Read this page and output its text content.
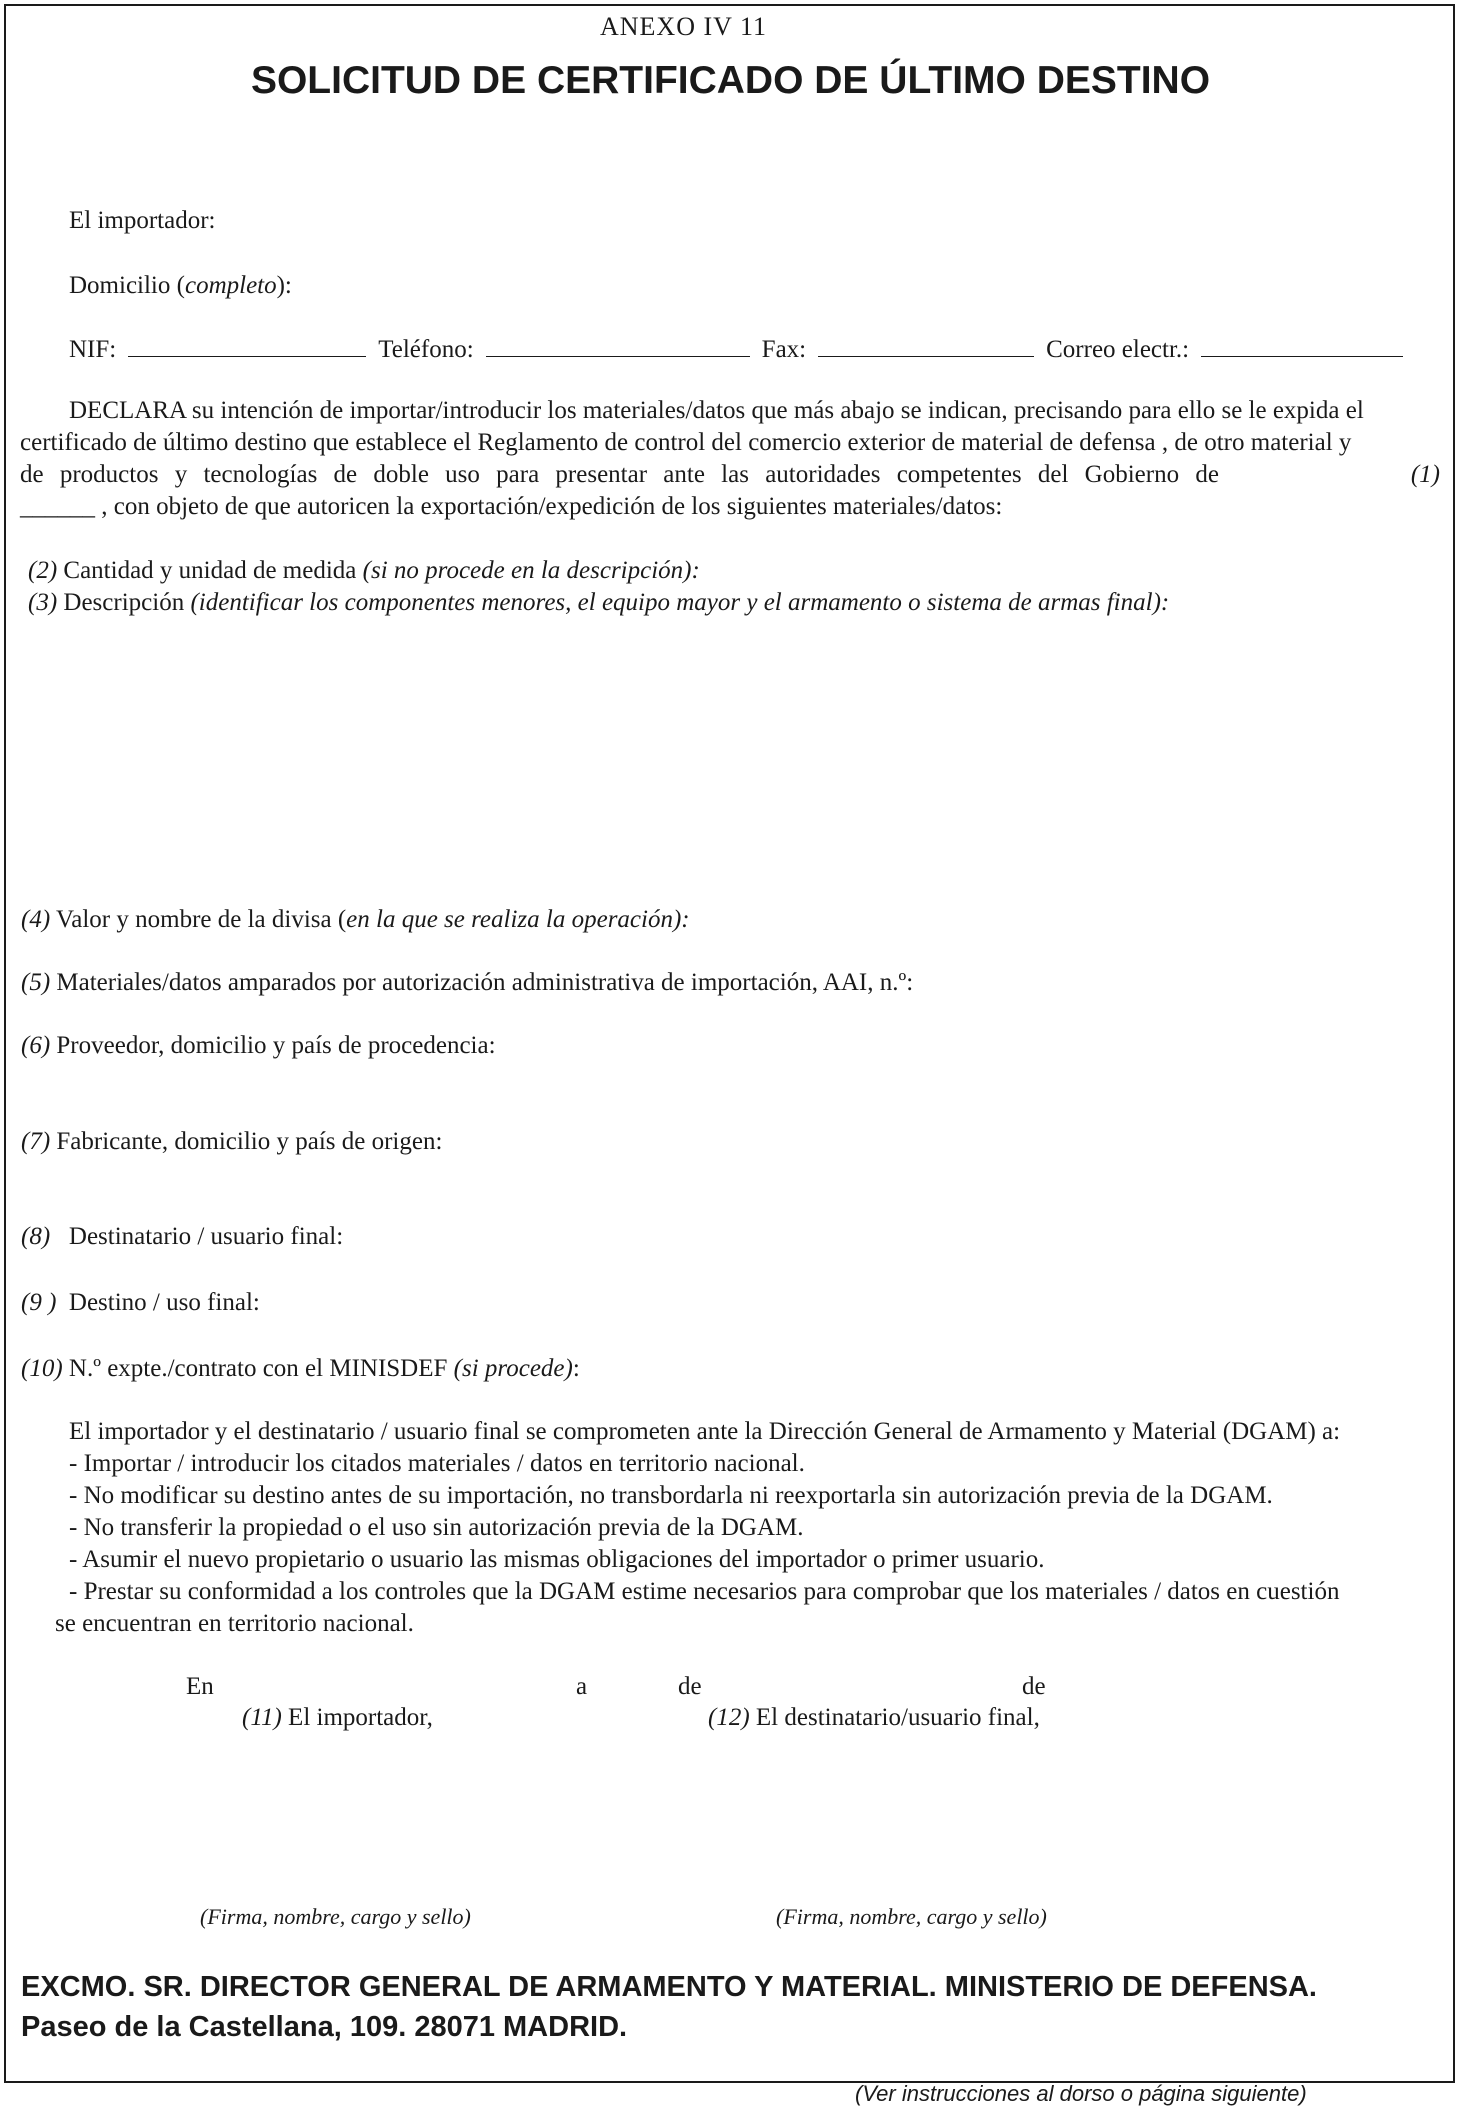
ANEXO IV 11
SOLICITUD DE CERTIFICADO DE ÚLTIMO DESTINO
El importador:
Domicilio (completo):
NIF:	Teléfono:	Fax:	Correo electr.:
DECLARA su intención de importar/introducir los materiales/datos que más abajo se indican, precisando para ello se le expida el
certificado de último destino que establece el Reglamento de control del comercio exterior de material de defensa , de otro material y
de productos y tecnologías de doble uso para presentar ante las autoridades competentes del Gobierno de	(1)
______ , con objeto de que autoricen la exportación/expedición de los siguientes materiales/datos:
(2) Cantidad y unidad de medida (si no procede en la descripción):
(3) Descripción (identificar los componentes menores, el equipo mayor y el armamento o sistema de armas final):
(4) Valor y nombre de la divisa (en la que se realiza la operación):
(5) Materiales/datos amparados por autorización administrativa de importación, AAI, n.º:
(6) Proveedor, domicilio y país de procedencia:
(7) Fabricante, domicilio y país de origen:
(8) Destinatario / usuario final:
(9 ) Destino / uso final:
(10) N.º expte./contrato con el MINISDEF (si procede):
El importador y el destinatario / usuario final se comprometen ante la Dirección General de Armamento y Material (DGAM) a:
- Importar / introducir los citados materiales / datos en territorio nacional.
- No modificar su destino antes de su importación, no transbordarla ni reexportarla sin autorización previa de la DGAM.
- No transferir la propiedad o el uso sin autorización previa de la DGAM.
- Asumir el nuevo propietario o usuario las mismas obligaciones del importador o primer usuario.
- Prestar su conformidad a los controles que la DGAM estime necesarios para comprobar que los materiales / datos en cuestión
se encuentran en territorio nacional.
En	a	de	de
(11) El importador,	(12) El destinatario/usuario final,
(Firma, nombre, cargo y sello)	(Firma, nombre, cargo y sello)
EXCMO. SR. DIRECTOR GENERAL DE ARMAMENTO Y MATERIAL. MINISTERIO DE DEFENSA.
Paseo de la Castellana, 109. 28071 MADRID.
(Ver instrucciones al dorso o página siguiente)
